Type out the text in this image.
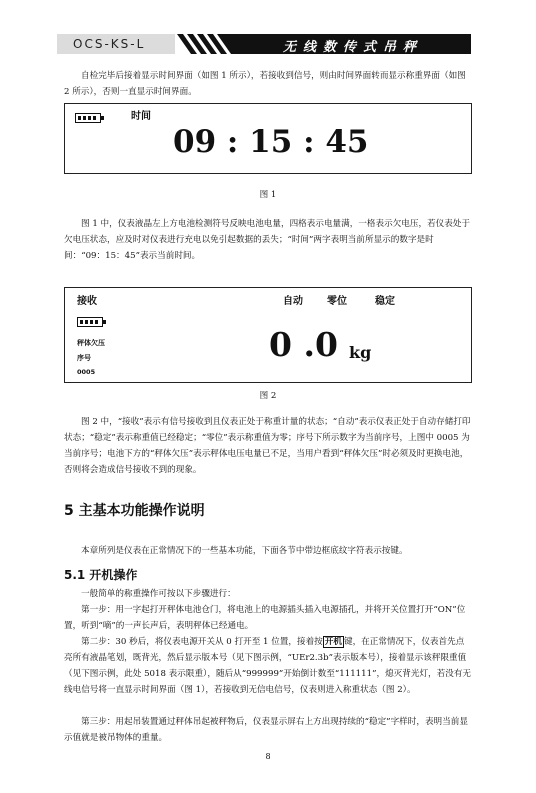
OCS-KS-L	无线数传式吊秤

自检完毕后接着显示时间界面（如图 1 所示），若接收到信号，则由时间界面转而显示称重界面（如图 2 所示），否则一直显示时间界面。

时间
09 : 15 : 45
图 1

图 1 中，仪表液晶左上方电池检测符号反映电池电量，四格表示电量满，一格表示欠电压，若仪表处于欠电压状态，应及时对仪表进行充电以免引起数据的丢失；“时间”两字表明当前所显示的数字是时间：“09：15：45”表示当前时间。

接收	自动 零位	稳定
秤体欠压
序号
0005
0 .0 kg
图 2

图 2 中，“接收”表示有信号接收到且仪表正处于称重计量的状态；“自动”表示仪表正处于自动存储打印状态；“稳定”表示称重值已经稳定；“零位”表示称重值为零；序号下所示数字为当前序号，上图中 0005 为当前序号；电池下方的“秤体欠压”表示秤体电压电量已不足，当用户看到“秤体欠压”时必须及时更换电池，否则将会造成信号接收不到的现象。

5 主基本功能操作说明

本章所列是仪表在正常情况下的一些基本功能，下面各节中带边框底纹字符表示按键。

5.1 开机操作

一般简单的称重操作可按以下步骤进行：

第一步：用一字起打开秤体电池仓门，将电池上的电源插头插入电源插孔，并将开关位置打开“ON”位置，听到“嘀”的一声长声后，表明秤体已经通电。

第二步：30 秒后，将仪表电源开关从 0 打开至 1 位置，接着按 开机 键，在正常情况下，仪表首先点亮所有液晶笔划，既背光，然后显示版本号（见下图示例，“UEr2.3b”表示版本号），接着显示该秤限重值（见下图示例，此处 5018 表示限重），随后从“999999”开始倒计数至“111111”，熄灭背光灯，若没有无线电信号将一直显示时间界面（图 1），若接收到无信电信号，仪表则进入称重状态（图 2）。

第三步：用起吊装置通过秤体吊起被秤物后，仪表显示屏右上方出现持续的“稳定”字样时，表明当前显示值就是被吊物体的重量。

8
